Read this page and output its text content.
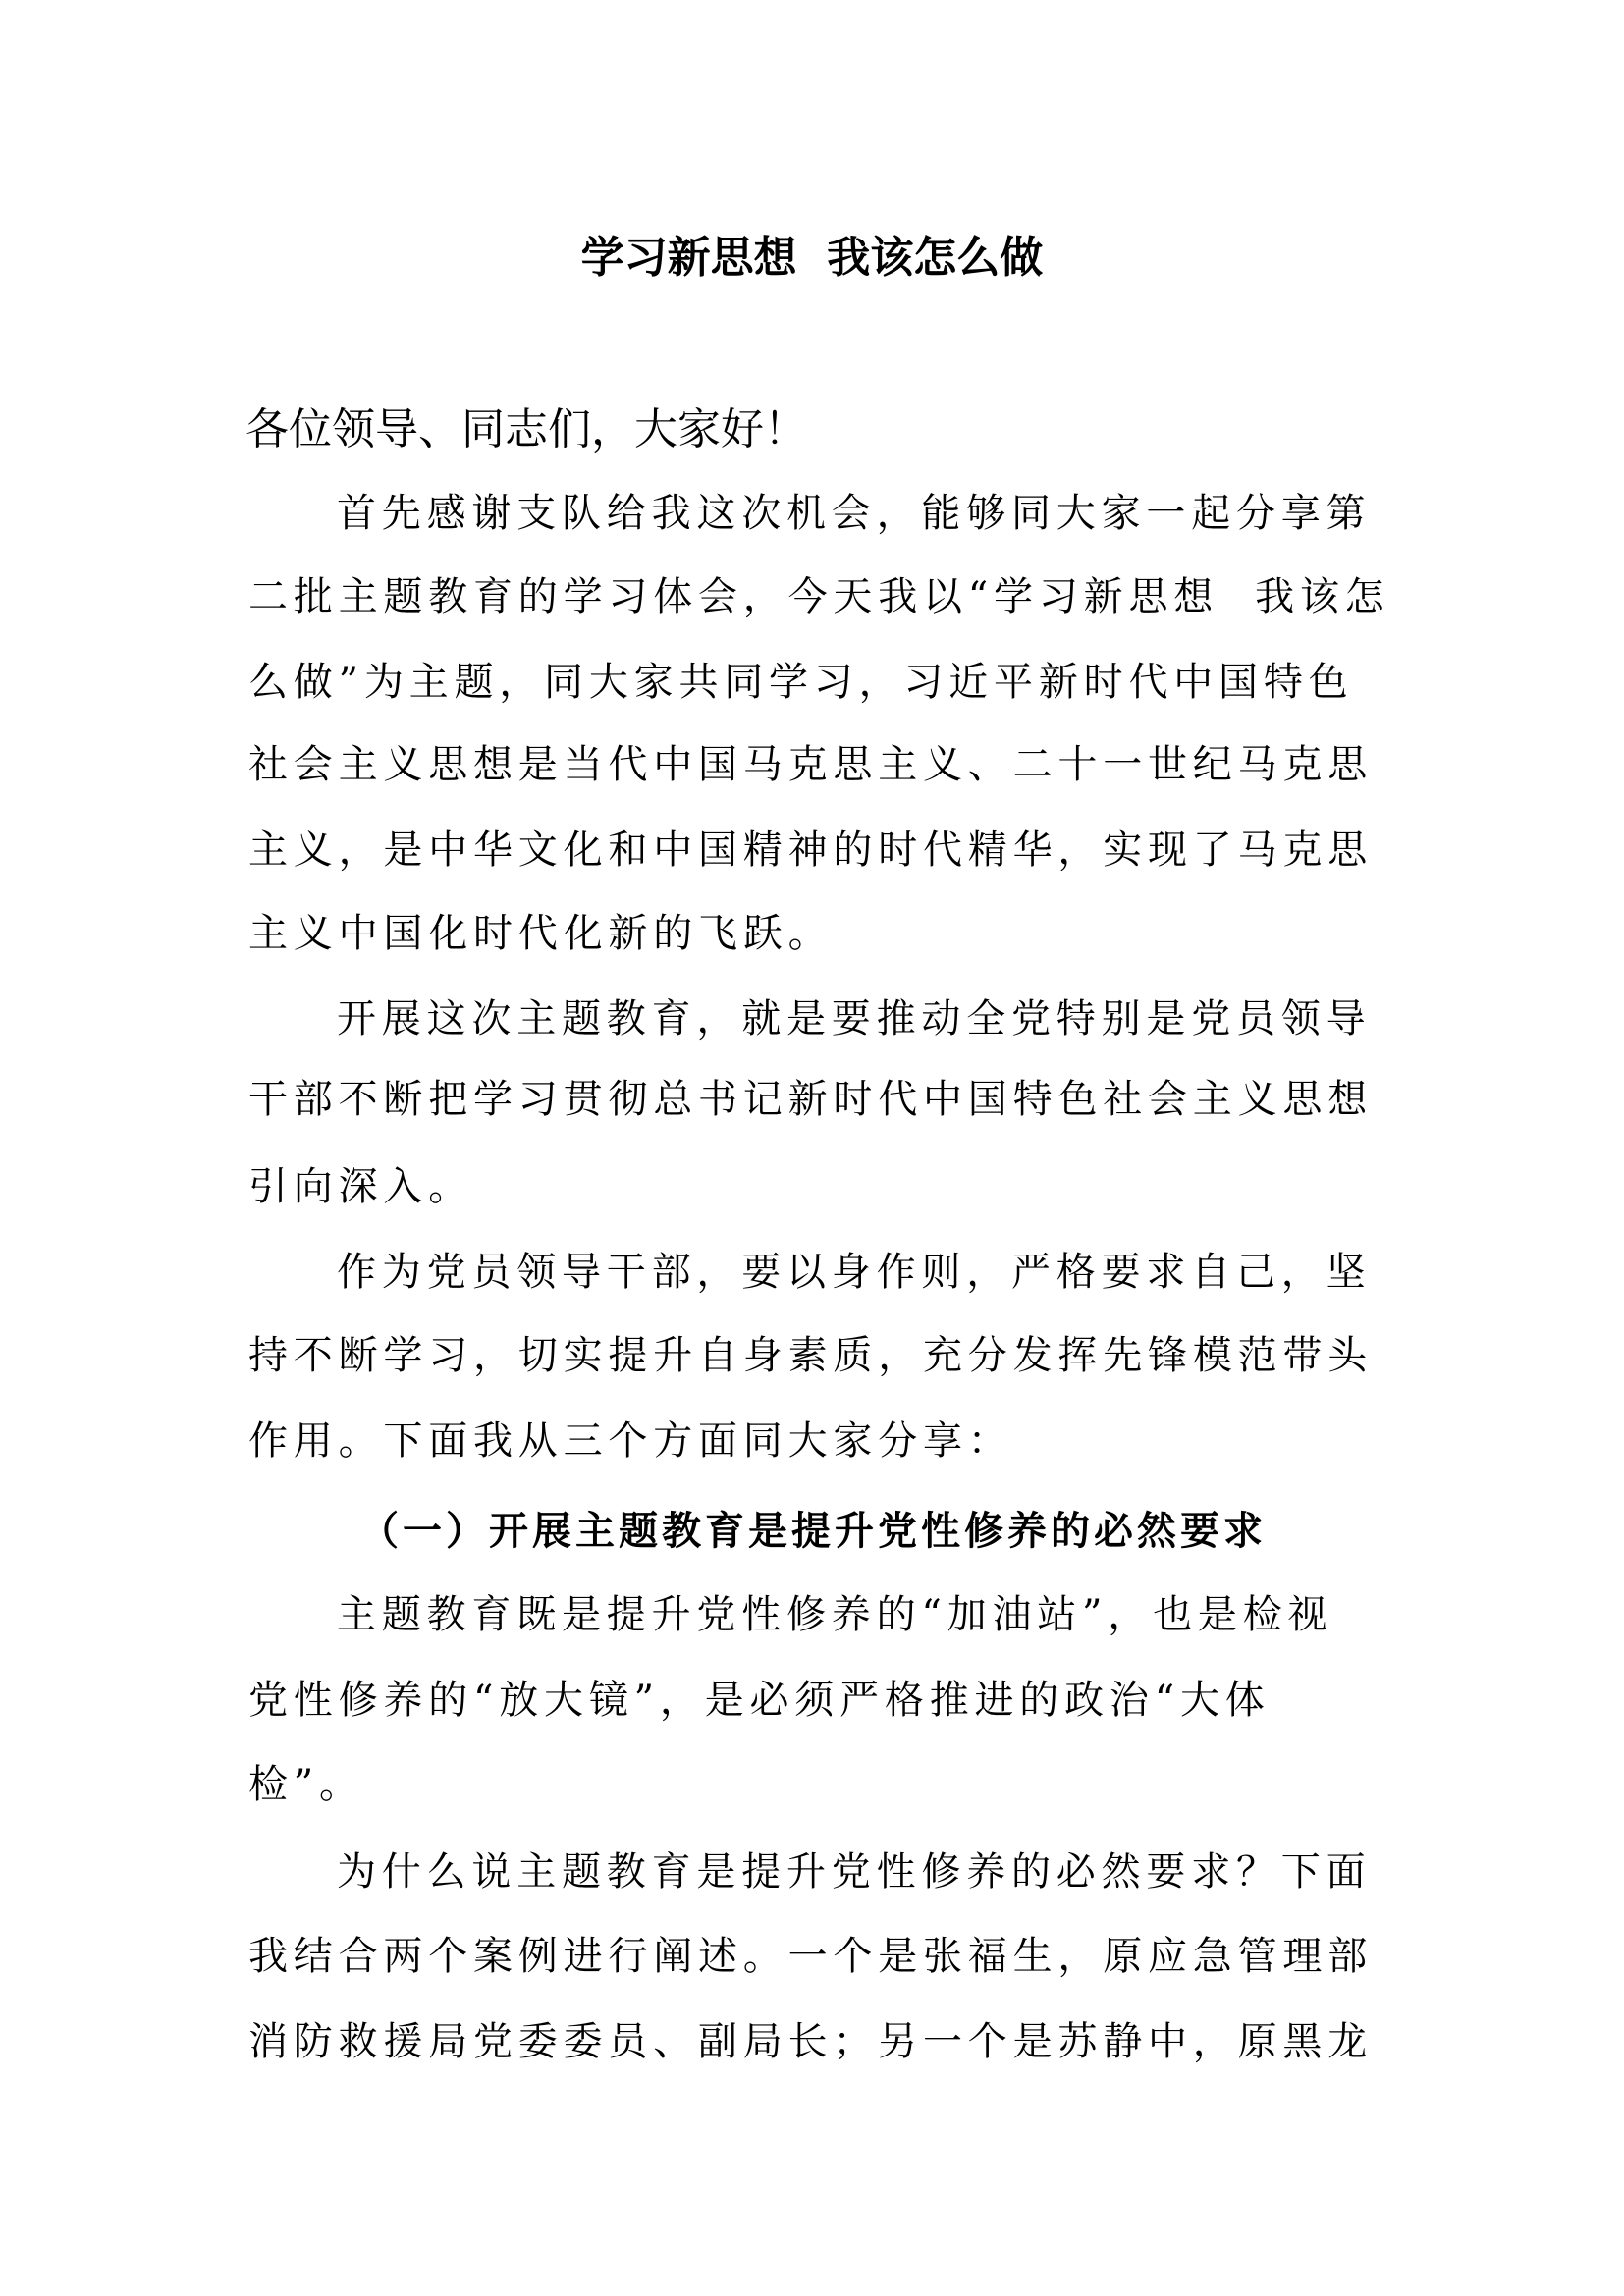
学习新思想  我该怎么做
各位领导、同志们，大家好！
首先感谢支队给我这次机会，能够同大家一起分享第
二批主题教育的学习体会，今天我以“学习新思想  我该怎
么做”为主题，同大家共同学习，习近平新时代中国特色
社会主义思想是当代中国马克思主义、二十一世纪马克思
主义，是中华文化和中国精神的时代精华，实现了马克思
主义中国化时代化新的飞跃。
开展这次主题教育，就是要推动全党特别是党员领导
干部不断把学习贯彻总书记新时代中国特色社会主义思想
引向深入。
作为党员领导干部，要以身作则，严格要求自己，坚
持不断学习，切实提升自身素质，充分发挥先锋模范带头
作用。下面我从三个方面同大家分享：
（一）开展主题教育是提升党性修养的必然要求
主题教育既是提升党性修养的“加油站”，也是检视
党性修养的“放大镜”，是必须严格推进的政治“大体
检”。
为什么说主题教育是提升党性修养的必然要求？下面
我结合两个案例进行阐述。一个是张福生，原应急管理部
消防救援局党委委员、副局长；另一个是苏静中，原黑龙
